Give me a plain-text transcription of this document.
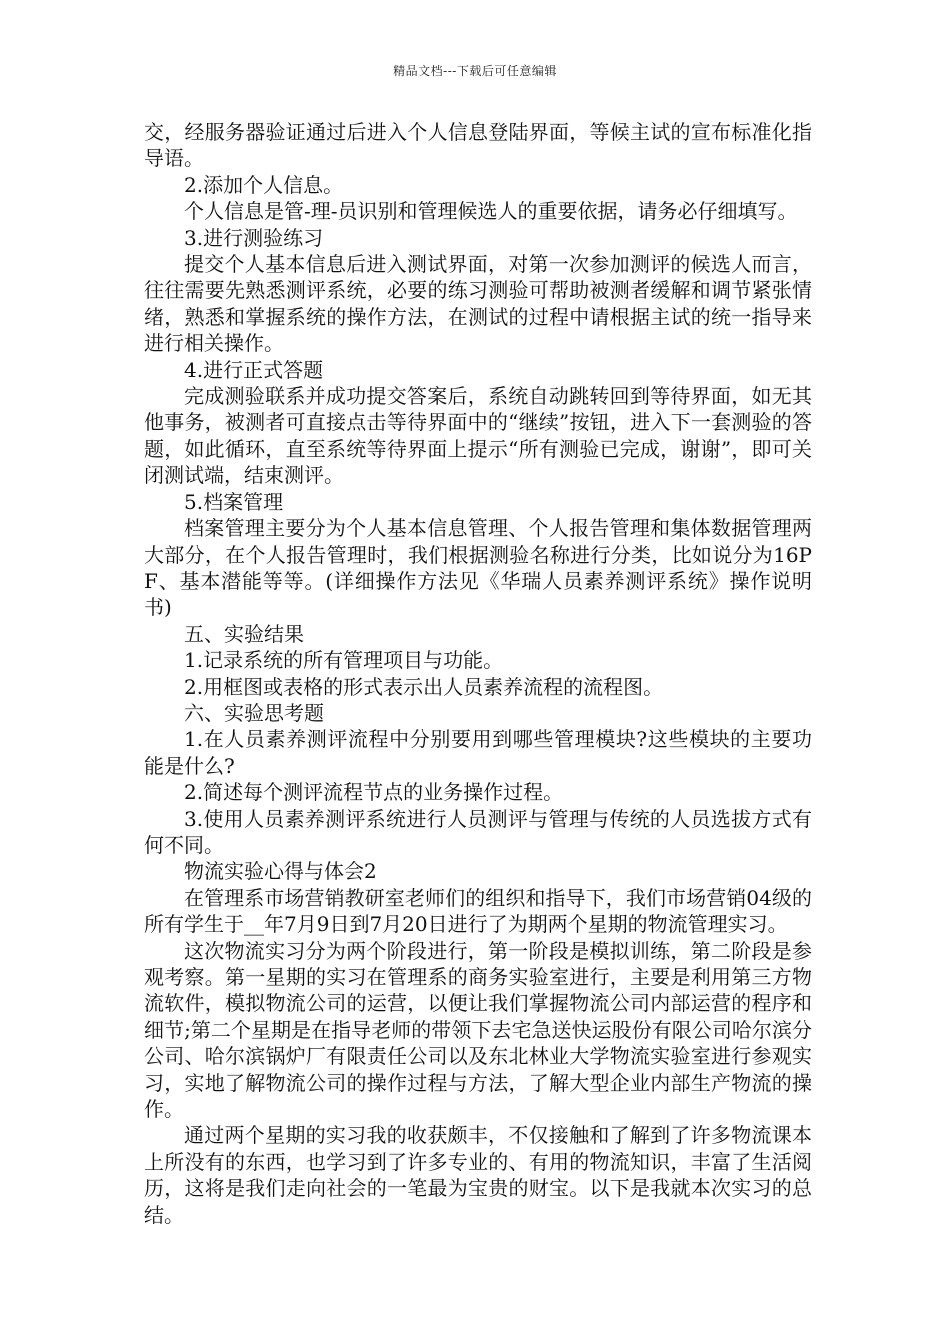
精品文档---下载后可任意编辑

交，经服务器验证通过后进入个人信息登陆界面，等候主试的宣布标准化指导语。

2.添加个人信息。

个人信息是管-理-员识别和管理候选人的重要依据，请务必仔细填写。

3.进行测验练习

提交个人基本信息后进入测试界面，对第一次参加测评的候选人而言，往往需要先熟悉测评系统，必要的练习测验可帮助被测者缓解和调节紧张情绪，熟悉和掌握系统的操作方法，在测试的过程中请根据主试的统一指导来进行相关操作。

4.进行正式答题

完成测验联系并成功提交答案后，系统自动跳转回到等待界面，如无其他事务，被测者可直接点击等待界面中的“继续”按钮，进入下一套测验的答题，如此循环，直至系统等待界面上提示“所有测验已完成，谢谢”，即可关闭测试端，结束测评。

5.档案管理

档案管理主要分为个人基本信息管理、个人报告管理和集体数据管理两大部分，在个人报告管理时，我们根据测验名称进行分类，比如说分为16PF、基本潜能等等。(详细操作方法见《华瑞人员素养测评系统》操作说明书)

五、实验结果

1.记录系统的所有管理项目与功能。

2.用框图或表格的形式表示出人员素养流程的流程图。

六、实验思考题

1.在人员素养测评流程中分别要用到哪些管理模块?这些模块的主要功能是什么?

2.简述每个测评流程节点的业务操作过程。

3.使用人员素养测评系统进行人员测评与管理与传统的人员选拔方式有何不同。

物流实验心得与体会2

在管理系市场营销教研室老师们的组织和指导下，我们市场营销04级的所有学生于__年7月9日到7月20日进行了为期两个星期的物流管理实习。

这次物流实习分为两个阶段进行，第一阶段是模拟训练，第二阶段是参观考察。第一星期的实习在管理系的商务实验室进行，主要是利用第三方物流软件，模拟物流公司的运营，以便让我们掌握物流公司内部运营的程序和细节;第二个星期是在指导老师的带领下去宅急送快运股份有限公司哈尔滨分公司、哈尔滨锅炉厂有限责任公司以及东北林业大学物流实验室进行参观实习，实地了解物流公司的操作过程与方法，了解大型企业内部生产物流的操作。

通过两个星期的实习我的收获颇丰，不仅接触和了解到了许多物流课本上所没有的东西，也学习到了许多专业的、有用的物流知识，丰富了生活阅历，这将是我们走向社会的一笔最为宝贵的财宝。以下是我就本次实习的总结。
